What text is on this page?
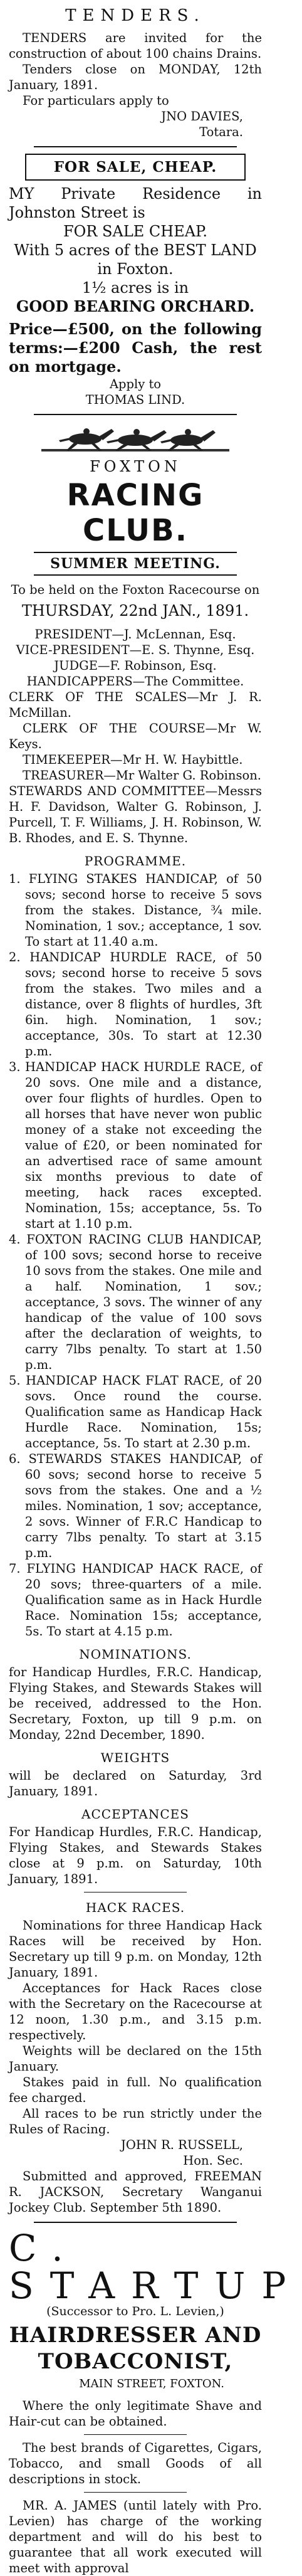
TENDERS.

TENDERS are invited for the construction of about 100 chains Drains.

Tenders close on MONDAY, 12th January, 1891.

For particulars apply to

JNO DAVIES,

Totara.

FOR SALE, CHEAP.

MY Private Residence in Johnston Street is

FOR SALE CHEAP.

With 5 acres of the BEST LAND in Foxton.

1½ acres is in

GOOD BEARING ORCHARD.

Price—£500, on the following terms:—£200 Cash, the rest on mortgage.

Apply to

THOMAS LIND.

FOXTON
RACING CLUB.
SUMMER MEETING.

To be held on the Foxton Racecourse on

THURSDAY, 22nd JAN., 1891.

PRESIDENT—J. McLennan, Esq.

VICE-PRESIDENT—E. S. Thynne, Esq.

JUDGE—F. Robinson, Esq.

HANDICAPPERS—The Committee.

CLERK OF THE SCALES—Mr J. R. McMillan.

CLERK OF THE COURSE—Mr W. Keys.

TIMEKEEPER—Mr H. W. Haybittle.

TREASURER—Mr Walter G. Robinson.

STEWARDS AND COMMITTEE—Messrs H. F. Davidson, Walter G. Robinson, J. Purcell, T. F. Williams, J. H. Robinson, W. B. Rhodes, and E. S. Thynne.

PROGRAMME.

1. FLYING STAKES HANDICAP, of 50 sovs; second horse to receive 5 sovs from the stakes. Distance, ¾ mile. Nomination, 1 sov.; acceptance, 1 sov. To start at 11.40 a.m.

2. HANDICAP HURDLE RACE, of 50 sovs; second horse to receive 5 sovs from the stakes. Two miles and a distance, over 8 flights of hurdles, 3ft 6in. high. Nomination, 1 sov.; acceptance, 30s. To start at 12.30 p.m.

3. HANDICAP HACK HURDLE RACE, of 20 sovs. One mile and a distance, over four flights of hurdles. Open to all horses that have never won public money of a stake not exceeding the value of £20, or been nominated for an advertised race of same amount six months previous to date of meeting, hack races excepted. Nomination, 15s; acceptance, 5s. To start at 1.10 p.m.

4. FOXTON RACING CLUB HANDICAP, of 100 sovs; second horse to receive 10 sovs from the stakes. One mile and a half. Nomination, 1 sov.; acceptance, 3 sovs. The winner of any handicap of the value of 100 sovs after the declaration of weights, to carry 7lbs penalty. To start at 1.50 p.m.

5. HANDICAP HACK FLAT RACE, of 20 sovs. Once round the course. Qualification same as Handicap Hack Hurdle Race. Nomination, 15s; acceptance, 5s. To start at 2.30 p.m.

6. STEWARDS STAKES HANDICAP, of 60 sovs; second horse to receive 5 sovs from the stakes. One and a ½ miles. Nomination, 1 sov; acceptance, 2 sovs. Winner of F.R.C Handicap to carry 7lbs penalty. To start at 3.15 p.m.

7. FLYING HANDICAP HACK RACE, of 20 sovs; three-quarters of a mile. Qualification same as in Hack Hurdle Race. Nomination 15s; acceptance, 5s. To start at 4.15 p.m.

NOMINATIONS.

for Handicap Hurdles, F.R.C. Handicap, Flying Stakes, and Stewards Stakes will be received, addressed to the Hon. Secretary, Foxton, up till 9 p.m. on Monday, 22nd December, 1890.

WEIGHTS

will be declared on Saturday, 3rd January, 1891.

ACCEPTANCES

For Handicap Hurdles, F.R.C. Handicap, Flying Stakes, and Stewards Stakes close at 9 p.m. on Saturday, 10th January, 1891.

HACK RACES.

Nominations for three Handicap Hack Races will be received by Hon. Secretary up till 9 p.m. on Monday, 12th January, 1891.

Acceptances for Hack Races close with the Secretary on the Racecourse at 12 noon, 1.30 p.m., and 3.15 p.m. respectively.

Weights will be declared on the 15th January.

Stakes paid in full. No qualification fee charged.

All races to be run strictly under the Rules of Racing.

JOHN R. RUSSELL,

Hon. Sec.

Submitted and approved, FREEMAN R. JACKSON, Secretary Wanganui Jockey Club. September 5th 1890.

C. STARTUP
(Successor to Pro. L. Levien,)
HAIRDRESSER AND
TOBACCONIST,
MAIN STREET, FOXTON.

Where the only legitimate Shave and Hair-cut can be obtained.

The best brands of Cigarettes, Cigars, Tobacco, and small Goods of all descriptions in stock.

MR. A. JAMES (until lately with Pro. Levien) has charge of the working department and will do his best to guarantee that all work executed will meet with approval
